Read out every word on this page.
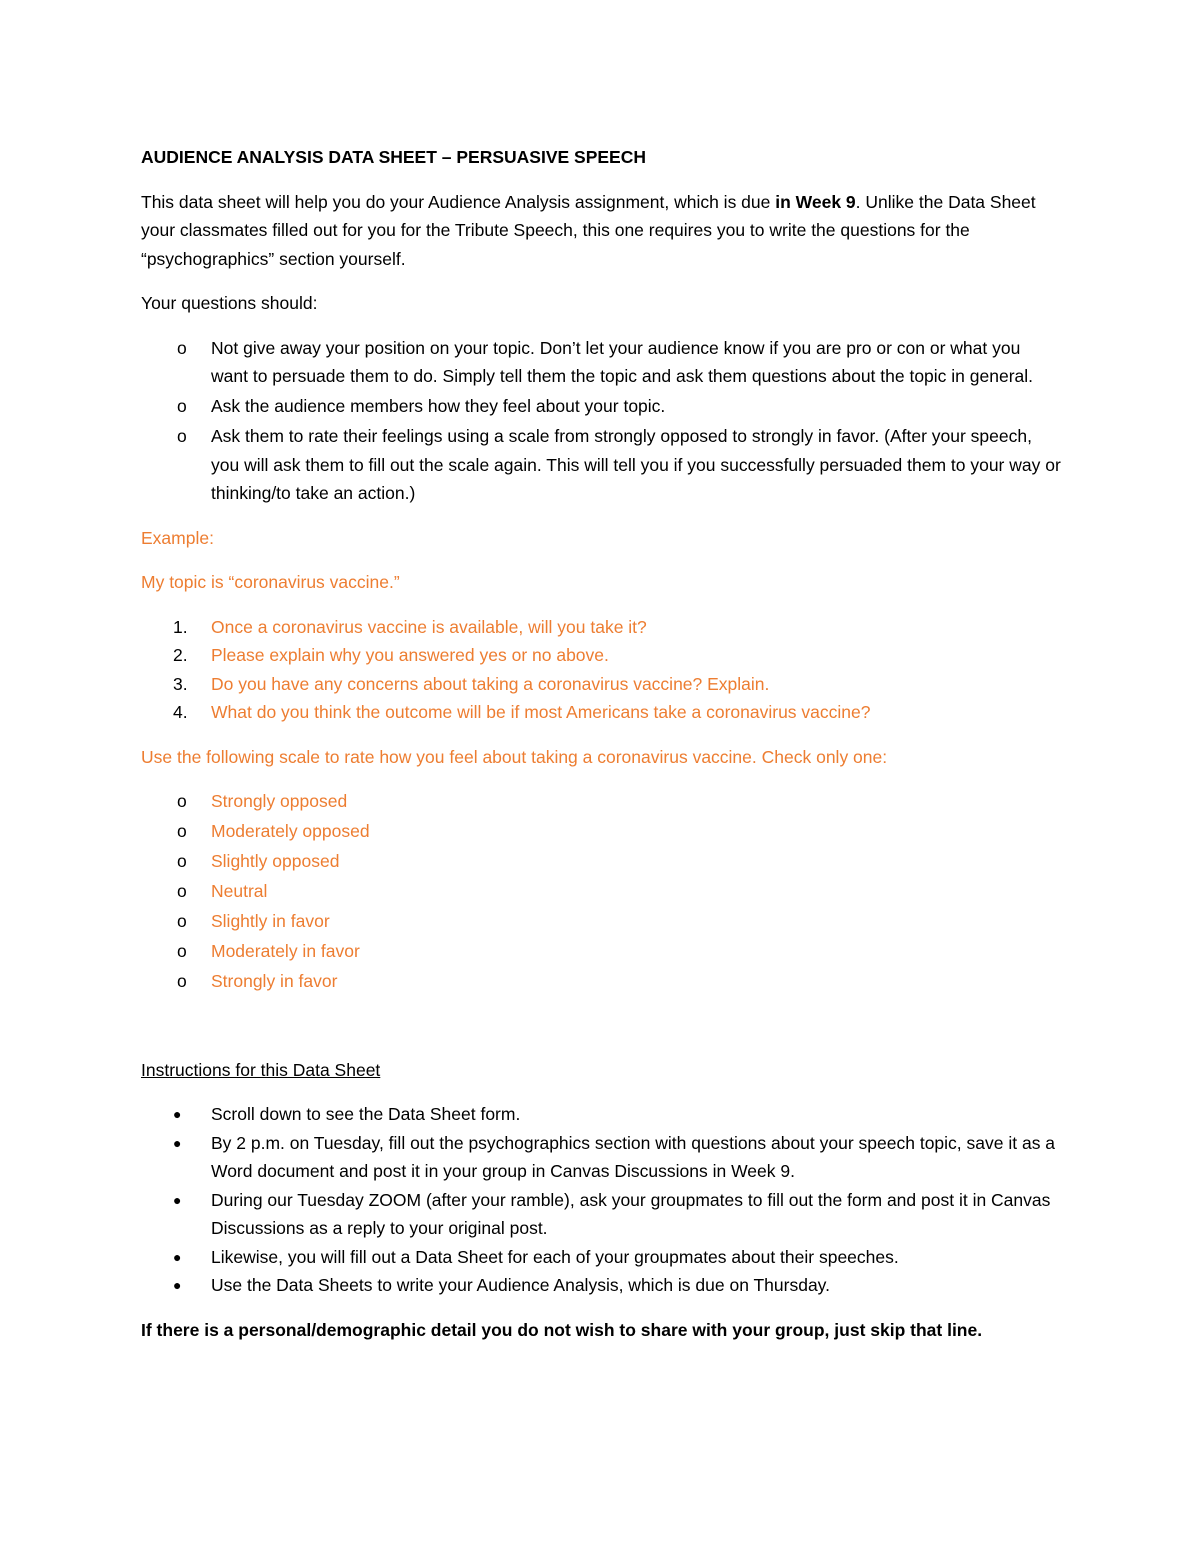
AUDIENCE ANALYSIS DATA SHEET – PERSUASIVE SPEECH

This data sheet will help you do your Audience Analysis assignment, which is due in Week 9. Unlike the Data Sheet your classmates filled out for you for the Tribute Speech, this one requires you to write the questions for the “psychographics” section yourself.

Your questions should:

o	Not give away your position on your topic. Don’t let your audience know if you are pro or con or what you want to persuade them to do. Simply tell them the topic and ask them questions about the topic in general.
o	Ask the audience members how they feel about your topic.
o	Ask them to rate their feelings using a scale from strongly opposed to strongly in favor. (After your speech, you will ask them to fill out the scale again. This will tell you if you successfully persuaded them to your way or thinking/to take an action.)

Example:

My topic is “coronavirus vaccine.”

1.	Once a coronavirus vaccine is available, will you take it?
2.	Please explain why you answered yes or no above.
3.	Do you have any concerns about taking a coronavirus vaccine? Explain.
4.	What do you think the outcome will be if most Americans take a coronavirus vaccine?

Use the following scale to rate how you feel about taking a coronavirus vaccine. Check only one:

o	Strongly opposed
o	Moderately opposed
o	Slightly opposed
o	Neutral
o	Slightly in favor
o	Moderately in favor
o	Strongly in favor

Instructions for this Data Sheet

●	Scroll down to see the Data Sheet form.
●	By 2 p.m. on Tuesday, fill out the psychographics section with questions about your speech topic, save it as a Word document and post it in your group in Canvas Discussions in Week 9.
●	During our Tuesday ZOOM (after your ramble), ask your groupmates to fill out the form and post it in Canvas Discussions as a reply to your original post.
●	Likewise, you will fill out a Data Sheet for each of your groupmates about their speeches.
●	Use the Data Sheets to write your Audience Analysis, which is due on Thursday.

If there is a personal/demographic detail you do not wish to share with your group, just skip that line.
